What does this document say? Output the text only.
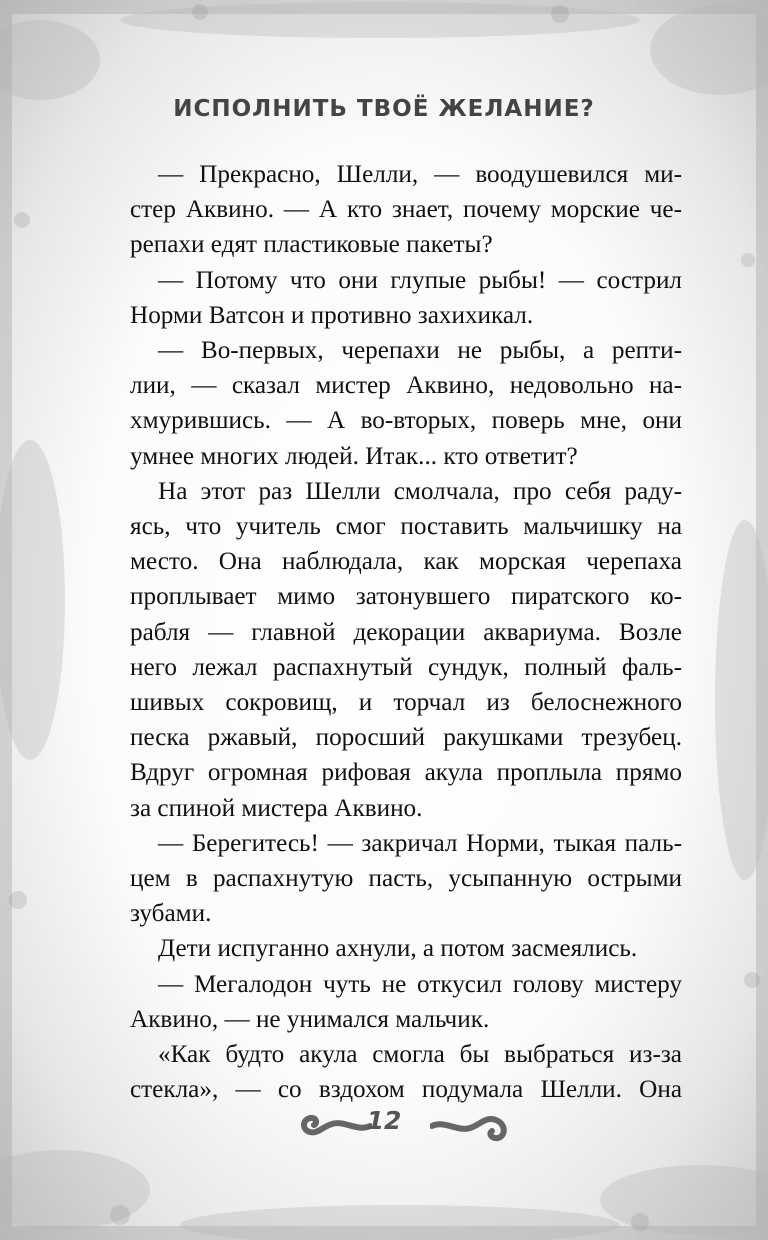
ИСПОЛНИТЬ ТВОЁ ЖЕЛАНИЕ?

— Прекрасно, Шелли, — воодушевился ми-

стер Аквино. — А кто знает, почему морские че-

репахи едят пластиковые пакеты?

— Потому что они глупые рыбы! — сострил

Норми Ватсон и противно захихикал.

— Во-первых, черепахи не рыбы, а репти-

лии, — сказал мистер Аквино, недовольно на-

хмурившись. — А во-вторых, поверь мне, они

умнее многих людей. Итак... кто ответит?

На этот раз Шелли смолчала, про себя раду-

ясь, что учитель смог поставить мальчишку на

место. Она наблюдала, как морская черепаха

проплывает мимо затонувшего пиратского ко-

рабля — главной декорации аквариума. Возле

него лежал распахнутый сундук, полный фаль-

шивых сокровищ, и торчал из белоснежного

песка ржавый, поросший ракушками трезубец.

Вдруг огромная рифовая акула проплыла прямо

за спиной мистера Аквино.

— Берегитесь! — закричал Норми, тыкая паль-

цем в распахнутую пасть, усыпанную острыми

зубами.

Дети испуганно ахнули, а потом засмеялись.

— Мегалодон чуть не откусил голову мистеру

Аквино, — не унимался мальчик.

«Как будто акула смогла бы выбраться из-за

стекла», — со вздохом подумала Шелли. Она

12
